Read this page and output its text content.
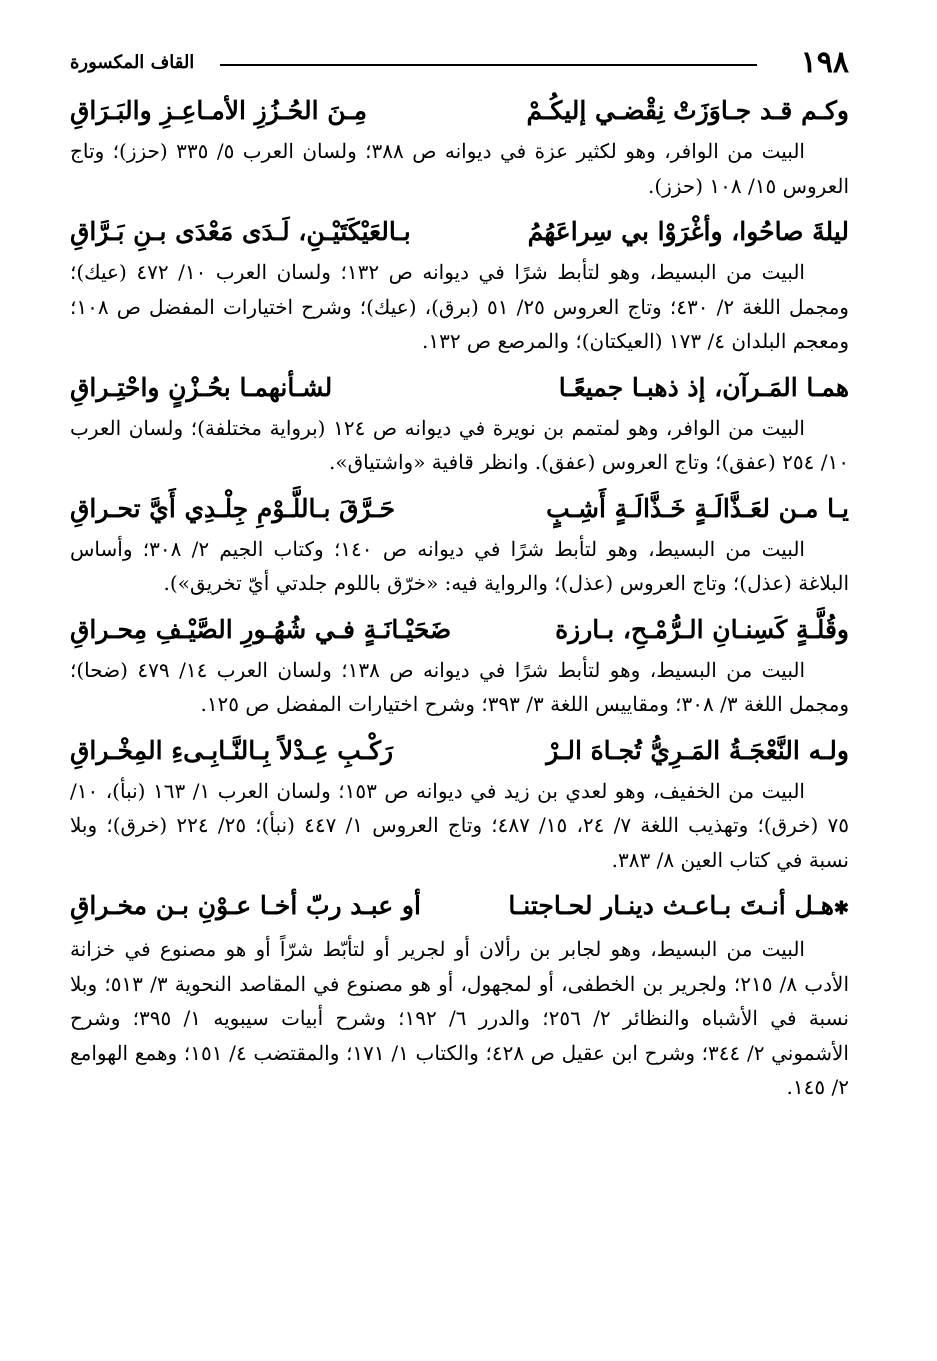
١٩٨
القاف المكسورة
وكـم قـد جـاوَزَتْ نِقْضـي إليكُـمْ
مِـنَ الحُـزُزِ الأمـاعِـزِ والبَـرَاقِ
البيت من الوافر، وهو لكثير عزة في ديوانه ص ٣٨٨؛ ولسان العرب ٥/ ٣٣٥ (حزز)؛ وتاج العروس ١٥/ ١٠٨ (حزز).
ليلةَ صاحُوا، وأغْرَوْا بي سِراعَهُمُ
بـالعَيْكَتَيْـنِ، لَـدَى مَعْدَى بـنِ بَـرَّاقِ
البيت من البسيط، وهو لتأبط شرًا في ديوانه ص ١٣٢؛ ولسان العرب ١٠/ ٤٧٢ (عيك)؛ ومجمل اللغة ٢/ ٤٣٠؛ وتاج العروس ٢٥/ ٥١ (برق)، (عيك)؛ وشرح اختيارات المفضل ص ١٠٨؛ ومعجم البلدان ٤/ ١٧٣ (العيكتان)؛ والمرصع ص ١٣٢.
همـا المَـرآن، إذ ذهبـا جميعًـا
لشـأنهمـا بحُـزْنٍ واحْتِـراقِ
البيت من الوافر، وهو لمتمم بن نويرة في ديوانه ص ١٢٤ (برواية مختلفة)؛ ولسان العرب ١٠/ ٢٥٤ (عفق)؛ وتاج العروس (عفق). وانظر قافية «واشتياق».
يـا مـن لعَـذَّالَـةٍ خَـذَّالَـةٍ أَشِـبٍ
حَـرَّقَ بـاللَّـوْمِ جِلْـدِي أَيَّ تحـراقِ
البيت من البسيط، وهو لتأبط شرًا في ديوانه ص ١٤٠؛ وكتاب الجيم ٢/ ٣٠٨؛ وأساس البلاغة (عذل)؛ وتاج العروس (عذل)؛ والرواية فيه: «خرّق باللوم جلدتي أيّ تخريق»).
وقُلَّـةٍ كَسِنـانِ الـرُّمْـحِ، بـارزة
ضَحَيْـانَـةٍ فـي شُهُـورِ الصَّيْـفِ مِحـراقِ
البيت من البسيط، وهو لتأبط شرًا في ديوانه ص ١٣٨؛ ولسان العرب ١٤/ ٤٧٩ (ضحا)؛ ومجمل اللغة ٣/ ٣٠٨؛ ومقاييس اللغة ٣/ ٣٩٣؛ وشرح اختيارات المفضل ص ١٢٥.
ولـه النَّعْجَـةُ المَـرِيُّ تُجـاهَ الـرْ
رَكْـبِ عِـدْلاً بِـالنَّـابِـىءِ المِخْـراقِ
البيت من الخفيف، وهو لعدي بن زيد في ديوانه ص ١٥٣؛ ولسان العرب ١/ ١٦٣ (نبأ)، ١٠/ ٧٥ (خرق)؛ وتهذيب اللغة ٧/ ٢٤، ١٥/ ٤٨٧؛ وتاج العروس ١/ ٤٤٧ (نبأ)؛ ٢٥/ ٢٢٤ (خرق)؛ وبلا نسبة في كتاب العين ٨/ ٣٨٣.
✱ هـل أنـتَ بـاعـث دينـار لحـاجتنـا
أو عبـد ربّ أخـا عـوْنِ بـن مخـراقِ
البيت من البسيط، وهو لجابر بن رألان أو لجرير أو لتأبّط شرّاً أو هو مصنوع في خزانة الأدب ٨/ ٢١٥؛ ولجرير بن الخطفى، أو لمجهول، أو هو مصنوع في المقاصد النحوية ٣/ ٥١٣؛ وبلا نسبة في الأشباه والنظائر ٢/ ٢٥٦؛ والدرر ٦/ ١٩٢؛ وشرح أبيات سيبويه ١/ ٣٩٥؛ وشرح الأشموني ٢/ ٣٤٤؛ وشرح ابن عقيل ص ٤٢٨؛ والكتاب ١/ ١٧١؛ والمقتضب ٤/ ١٥١؛ وهمع الهوامع ٢/ ١٤٥.
